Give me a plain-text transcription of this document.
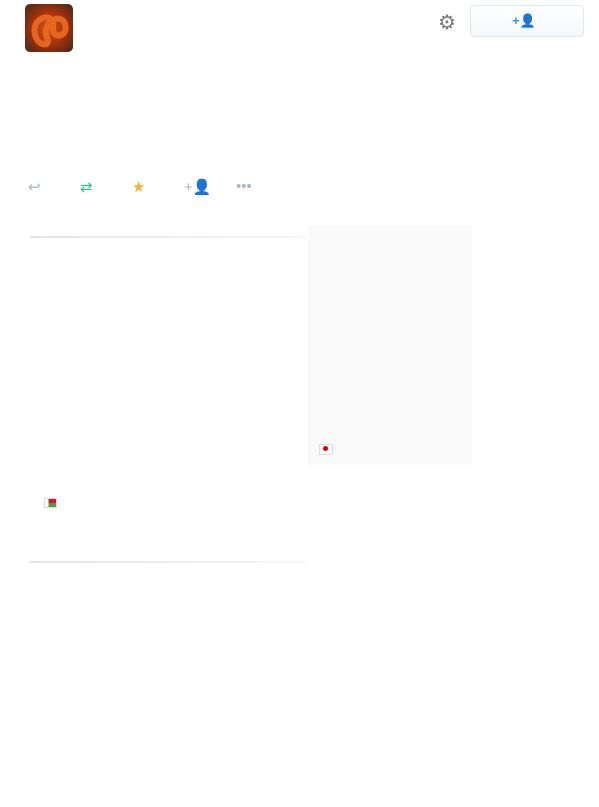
⚙	+👤
↩	⇄	★	+👤	•••
